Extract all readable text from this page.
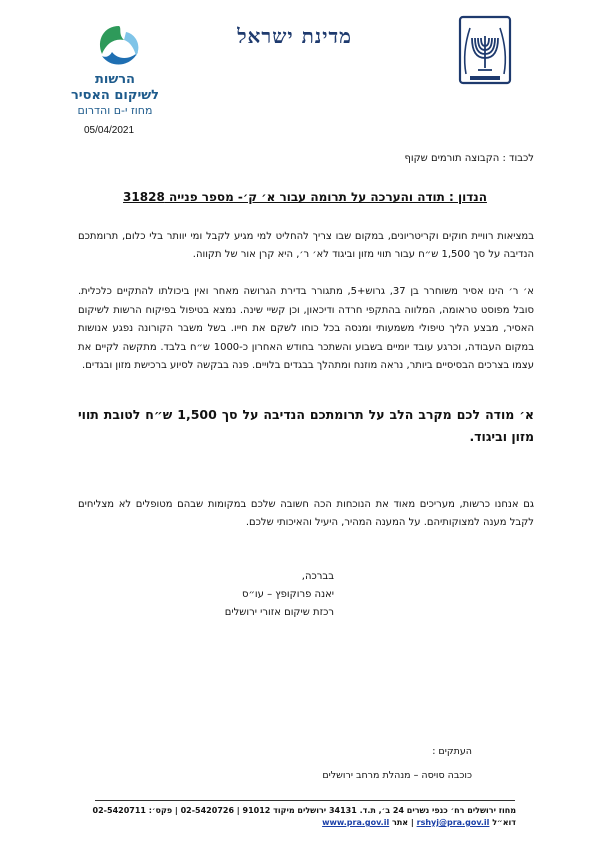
מדינת ישראל
הרשות
לשיקום האסיר
מחוז י-ם והדרום
05/04/2021
לכבוד : הקבוצה תורמים שקוף
הנדון : תודה והערכה על תרומה עבור א׳ ק׳- מספר פנייה 31828
במציאות רוויית חוקים וקריטריונים, במקום שבו צריך להחליט למי מגיע לקבל ומי יוותר בלי כלום, תרומתכם הנדיבה על סך 1,500 ש״ח עבור תווי מזון וביגוד לא׳ ר׳, היא קרן אור של תקווה.
א׳ ר׳ הינו אסיר משוחרר בן 37, גרוש+5, מתגורר בדירת הגרושה מאחר ואין ביכולתו להתקיים כלכלית. סובל מפוסט טראומה, המלווה בהתקפי חרדה ודיכאון, וכן קשיי שינה. נמצא בטיפול בפיקוח הרשות לשיקום האסיר, מבצע הליך טיפולי משמעותי ומנסה בכל כוחו לשקם את חייו. בשל משבר הקורונה נפגע אנושות במקום העבודה, וכרגע עובד יומיים בשבוע והשתכר בחודש האחרון כ-1000 ש״ח בלבד. מתקשה לקיים את עצמו בצרכים הבסיסיים ביותר, נראה מוזנח ומתהלך בבגדים בלויים. פנה בבקשה לסיוע ברכישת מזון ובגדים.
א׳ מודה לכם מקרב הלב על תרומתכם הנדיבה על סך 1,500 ש״ח לטובת תווי מזון וביגוד.
גם אנחנו כרשות, מעריכים מאוד את הנוכחות הכה חשובה שלכם במקומות שבהם מטופלים לא מצליחים לקבל מענה למצוקותיהם. על המענה המהיר, היעיל והאיכותי שלכם.
בברכה,
יאנה פרוקופץ – עו״ס
רכזת שיקום אזורי ירושלים
העתקים :
כוכבה סויסה – מנהלת מרחב ירושלים
מחוז ירושלים רח׳ כנפי נשרים 24 ב׳, ת.ד. 34131 ירושלים מיקוד 91012 | 02-5420726 | פקס׳: 02-5420711
דוא״ל rshyj@pra.gov.il | אתר www.pra.gov.il
